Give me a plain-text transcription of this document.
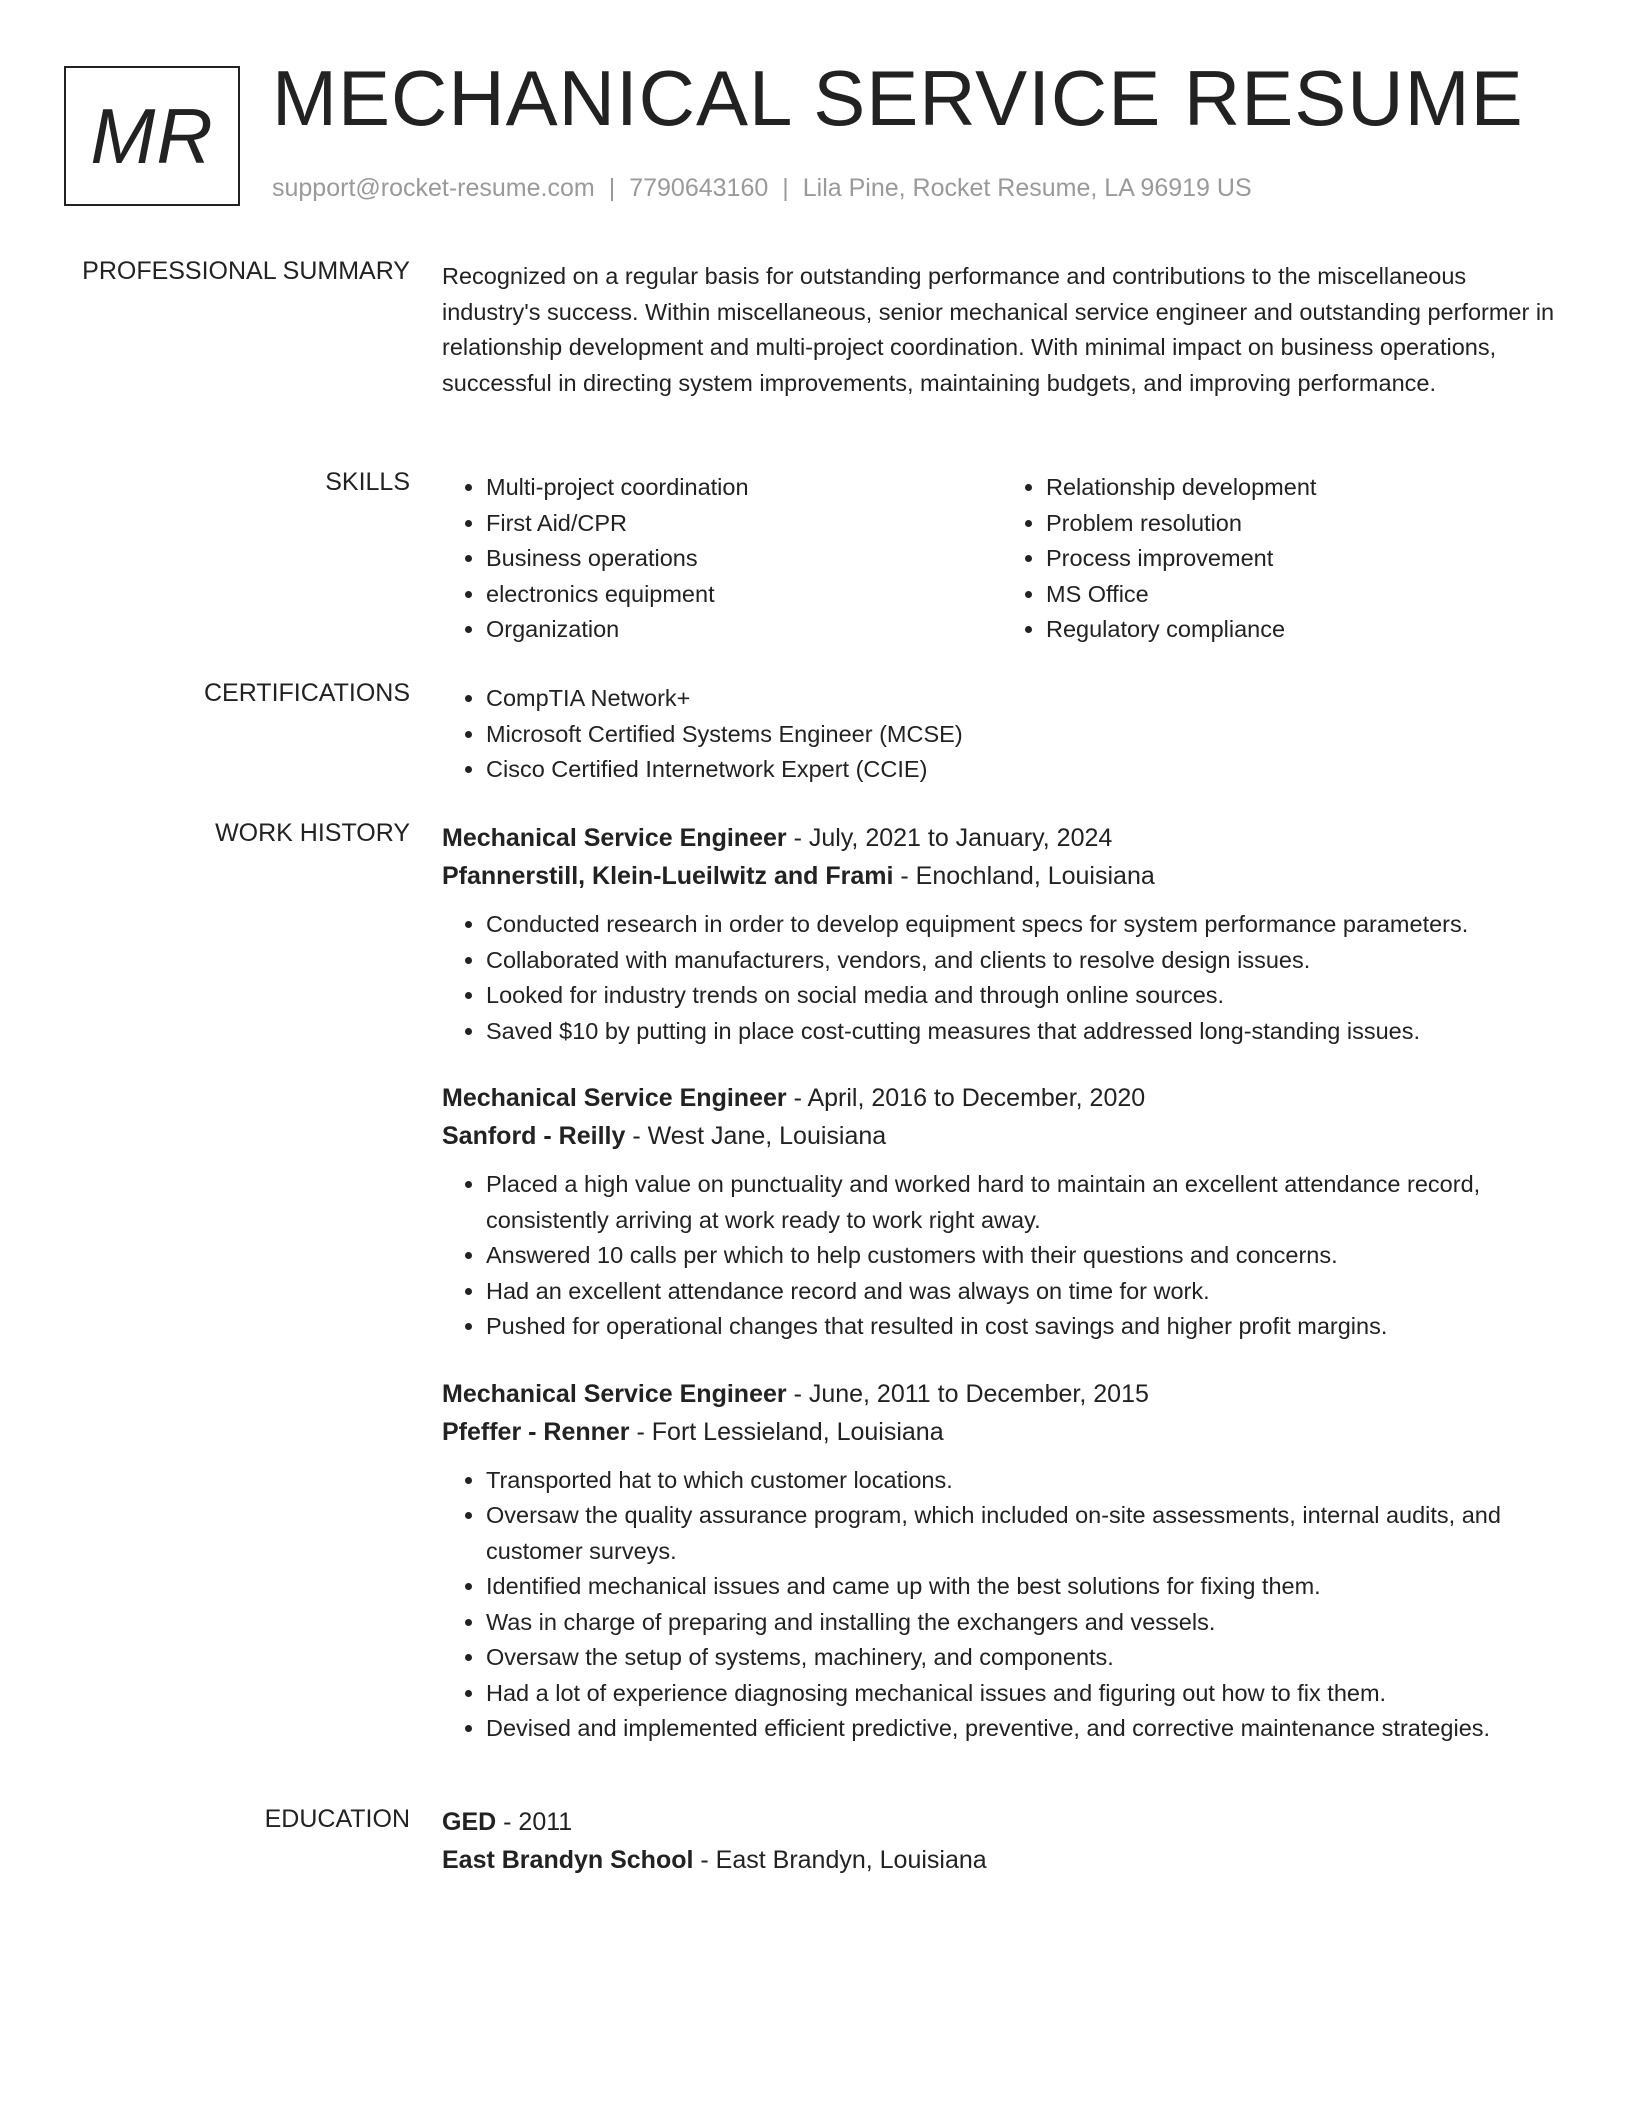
MR MECHANICAL SERVICE RESUME
support@rocket-resume.com | 7790643160 | Lila Pine, Rocket Resume, LA 96919 US
PROFESSIONAL SUMMARY Recognized on a regular basis for outstanding performance and contributions to the miscellaneous industry's success. Within miscellaneous, senior mechanical service engineer and outstanding performer in relationship development and multi-project coordination. With minimal impact on business operations, successful in directing system improvements, maintaining budgets, and improving performance.
SKILLS	• Multi-project coordination
• First Aid/CPR
• Business operations
• electronics equipment
• Organization
• Relationship development
• Problem resolution
• Process improvement
• MS Office
• Regulatory compliance
CERTIFICATIONS	• CompTIA Network+
• Microsoft Certified Systems Engineer (MCSE)
• Cisco Certified Internetwork Expert (CCIE)
WORK HISTORY Mechanical Service Engineer - July, 2021 to January, 2024
Pfannerstill, Klein-Lueilwitz and Frami - Enochland, Louisiana
• Conducted research in order to develop equipment specs for system performance parameters.
• Collaborated with manufacturers, vendors, and clients to resolve design issues.
• Looked for industry trends on social media and through online sources.
• Saved $10 by putting in place cost-cutting measures that addressed long-standing issues.
Mechanical Service Engineer - April, 2016 to December, 2020
Sanford - Reilly - West Jane, Louisiana
• Placed a high value on punctuality and worked hard to maintain an excellent attendance record, consistently arriving at work ready to work right away.
• Answered 10 calls per which to help customers with their questions and concerns.
• Had an excellent attendance record and was always on time for work.
• Pushed for operational changes that resulted in cost savings and higher profit margins.
Mechanical Service Engineer - June, 2011 to December, 2015
Pfeffer - Renner - Fort Lessieland, Louisiana
• Transported hat to which customer locations.
• Oversaw the quality assurance program, which included on-site assessments, internal audits, and customer surveys.
• Identified mechanical issues and came up with the best solutions for fixing them.
• Was in charge of preparing and installing the exchangers and vessels.
• Oversaw the setup of systems, machinery, and components.
• Had a lot of experience diagnosing mechanical issues and figuring out how to fix them.
• Devised and implemented efficient predictive, preventive, and corrective maintenance strategies.
EDUCATION GED - 2011
East Brandyn School - East Brandyn, Louisiana
